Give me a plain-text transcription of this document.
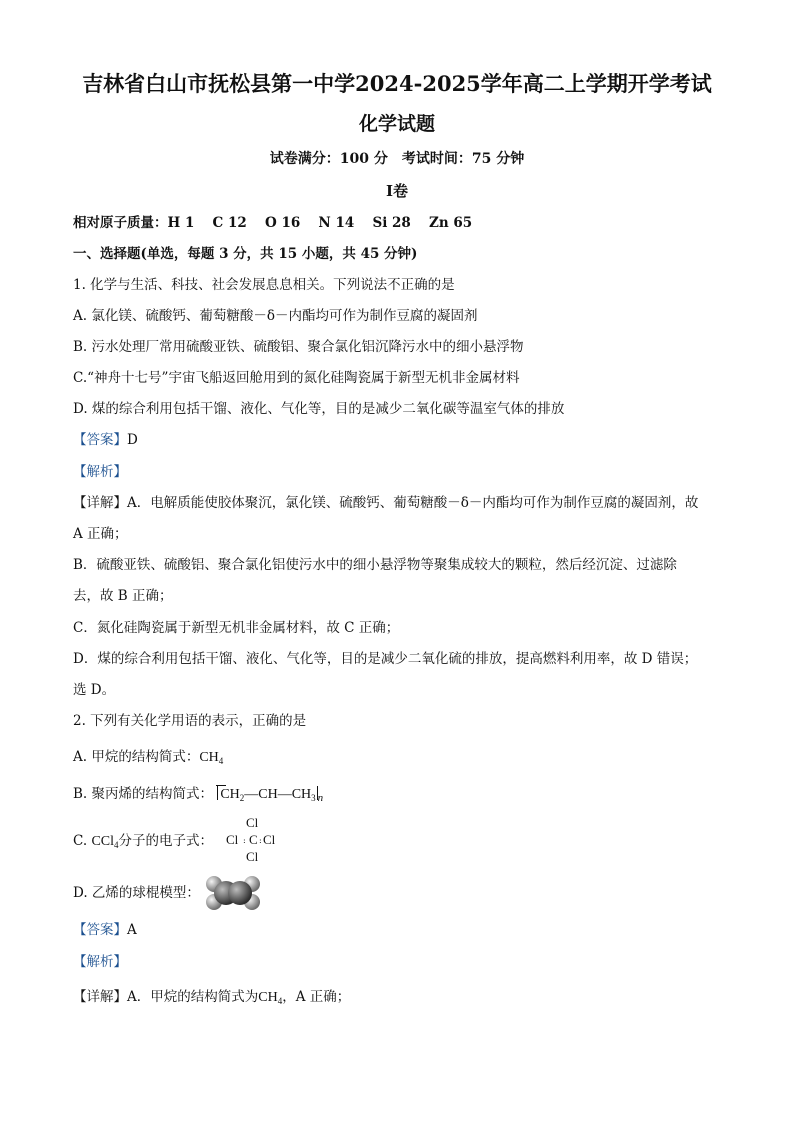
吉林省白山市抚松县第一中学2024-2025学年高二上学期开学考试
化学试题
试卷满分：100 分　考试时间：75 分钟
Ⅰ卷
相对原子质量：H 1　 C 12　 O 16　 N 14　 Si 28　 Zn 65
一、选择题(单选，每题 3 分，共 15 小题，共 45 分钟)
1. 化学与生活、科技、社会发展息息相关。下列说法不正确的是
A. 氯化镁、硫酸钙、葡萄糖酸－δ－内酯均可作为制作豆腐的凝固剂
B. 污水处理厂常用硫酸亚铁、硫酸铝、聚合氯化铝沉降污水中的细小悬浮物
C.“神舟十七号”宇宙飞船返回舱用到的氮化硅陶瓷属于新型无机非金属材料
D. 煤的综合利用包括干馏、液化、气化等，目的是减少二氧化碳等温室气体的排放
【答案】D
【解析】
【详解】A．电解质能使胶体聚沉，氯化镁、硫酸钙、葡萄糖酸－δ－内酯均可作为制作豆腐的凝固剂，故
A 正确；
B．硫酸亚铁、硫酸铝、聚合氯化铝使污水中的细小悬浮物等聚集成较大的颗粒，然后经沉淀、过滤除
去，故 B 正确；
C．氮化硅陶瓷属于新型无机非金属材料，故 C 正确；
D．煤的综合利用包括干馏、液化、气化等，目的是减少二氧化硫的排放，提高燃料利用率，故 D 错误；
选 D。
2. 下列有关化学用语的表示，正确的是
A. 甲烷的结构简式：$CH_4$
B. 聚丙烯的结构简式： $CH_2—CH—CH_3$ $_n$
C. CCl$_4$分子的电子式：
Cl
Cl C Cl
Cl
: :
D. 乙烯的球棍模型：
【答案】A
【解析】
【详解】A．甲烷的结构简式为$CH_4$，A 正确；
